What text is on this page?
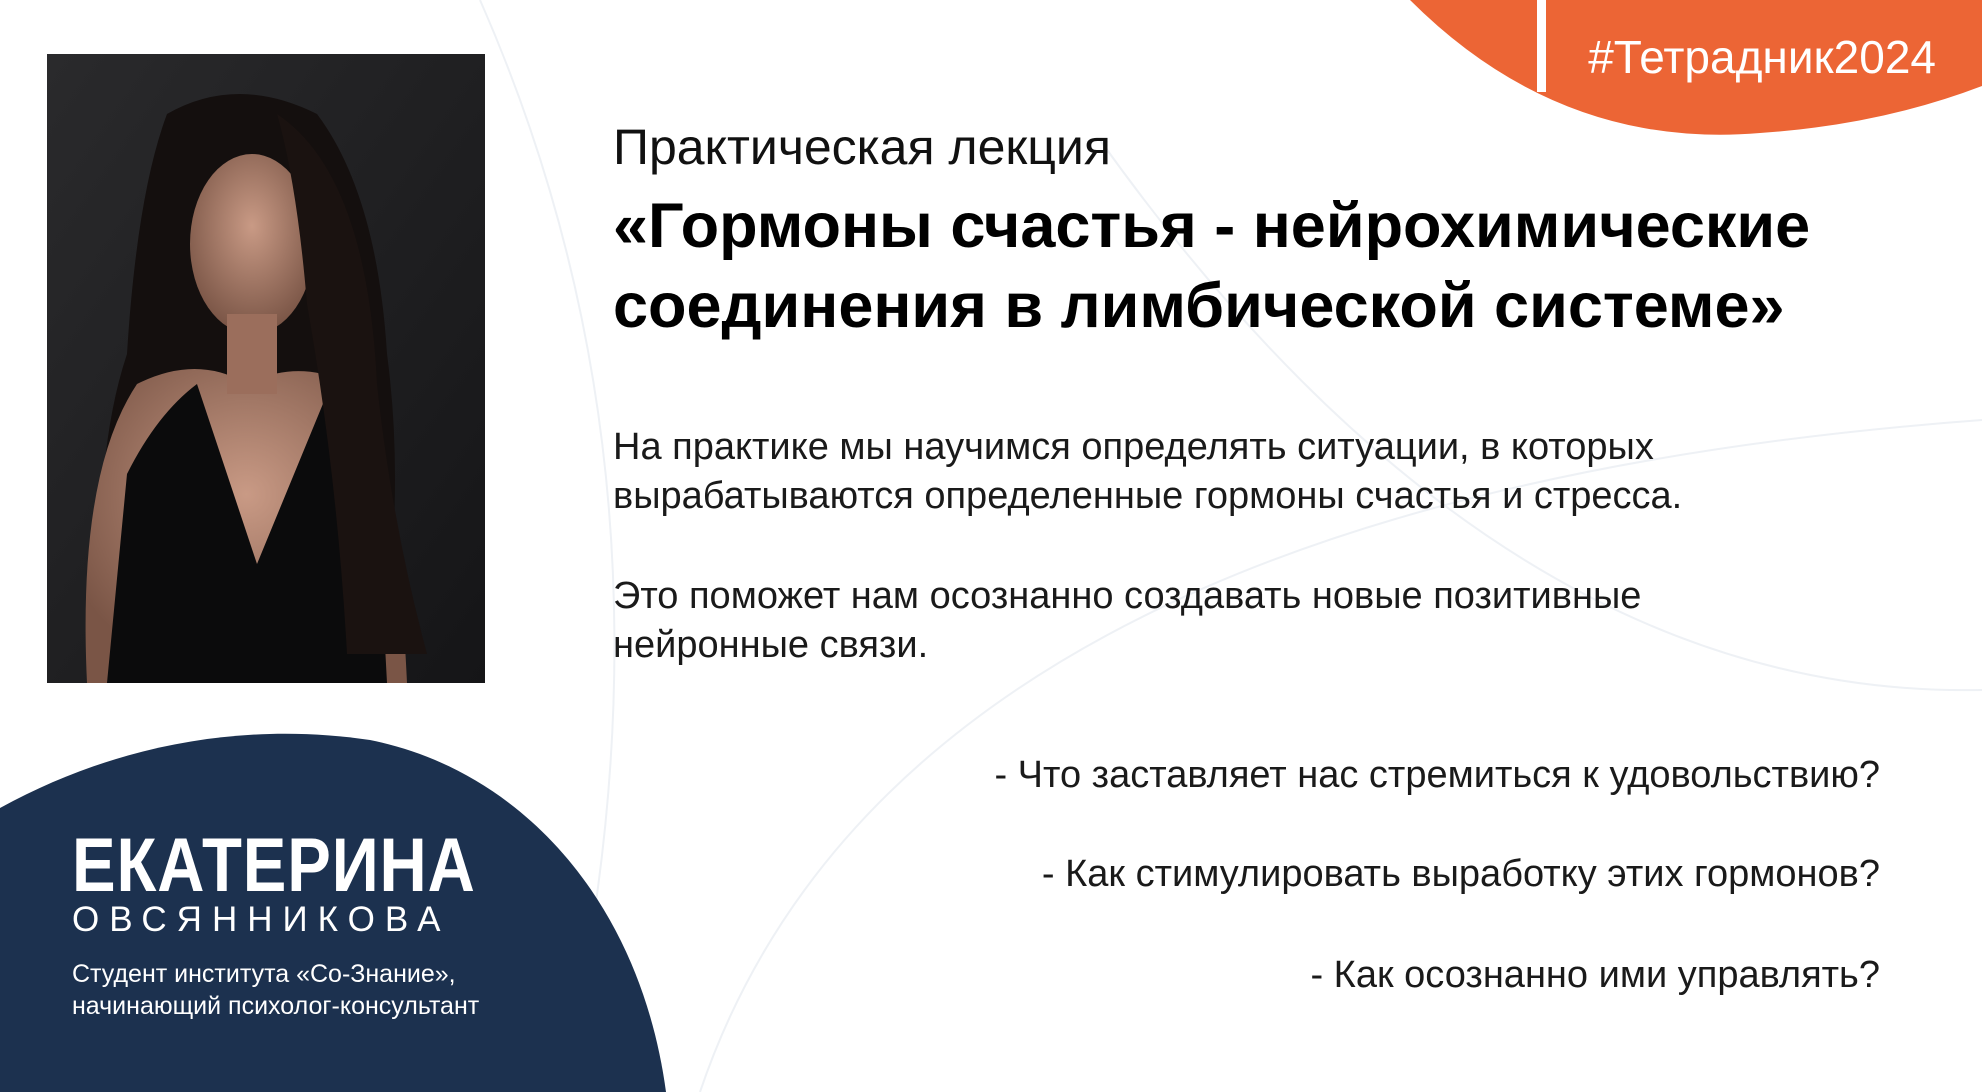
#Тетрадник2024
Практическая лекция
«Гормоны счастья - нейрохимические
соединения в лимбической системе»
На практике мы научимся определять ситуации, в которых
вырабатываются определенные гормоны счастья и стресса.
Это поможет нам осознанно создавать новые позитивные
нейронные связи.
- Что заставляет нас стремиться к удовольствию?
- Как стимулировать выработку этих гормонов?
- Как осознанно ими управлять?
ЕКАТЕРИНА
ОВСЯННИКОВА
Студент института «Со-Знание»,
начинающий психолог-консультант
